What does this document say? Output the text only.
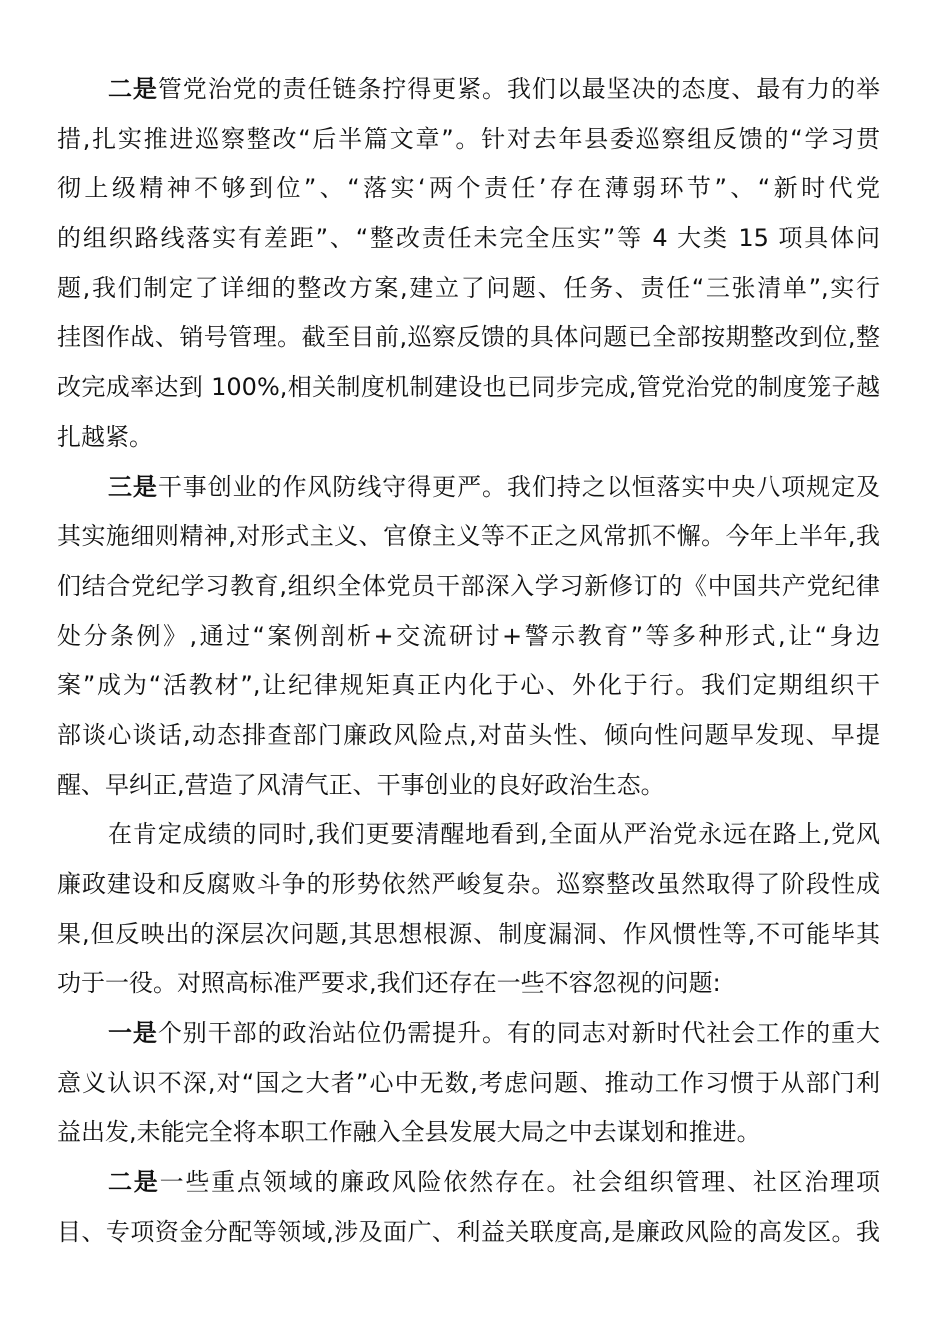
二是管党治党的责任链条拧得更紧。我们以最坚决的态度、最有力的举
措,扎实推进巡察整改“后半篇文章”。针对去年县委巡察组反馈的“学习贯
彻上级精神不够到位”、“落实‘两个责任’存在薄弱环节”、“新时代党
的组织路线落实有差距”、“整改责任未完全压实”等 4 大类 15 项具体问
题,我们制定了详细的整改方案,建立了问题、任务、责任“三张清单”,实行
挂图作战、销号管理。截至目前,巡察反馈的具体问题已全部按期整改到位,整
改完成率达到 100%,相关制度机制建设也已同步完成,管党治党的制度笼子越
扎越紧。
三是干事创业的作风防线守得更严。我们持之以恒落实中央八项规定及
其实施细则精神,对形式主义、官僚主义等不正之风常抓不懈。今年上半年,我
们结合党纪学习教育,组织全体党员干部深入学习新修订的《中国共产党纪律
处分条例》,通过“案例剖析+交流研讨+警示教育”等多种形式,让“身边
案”成为“活教材”,让纪律规矩真正内化于心、外化于行。我们定期组织干
部谈心谈话,动态排查部门廉政风险点,对苗头性、倾向性问题早发现、早提
醒、早纠正,营造了风清气正、干事创业的良好政治生态。
在肯定成绩的同时,我们更要清醒地看到,全面从严治党永远在路上,党风
廉政建设和反腐败斗争的形势依然严峻复杂。巡察整改虽然取得了阶段性成
果,但反映出的深层次问题,其思想根源、制度漏洞、作风惯性等,不可能毕其
功于一役。对照高标准严要求,我们还存在一些不容忽视的问题:
一是个别干部的政治站位仍需提升。有的同志对新时代社会工作的重大
意义认识不深,对“国之大者”心中无数,考虑问题、推动工作习惯于从部门利
益出发,未能完全将本职工作融入全县发展大局之中去谋划和推进。
二是一些重点领域的廉政风险依然存在。社会组织管理、社区治理项
目、专项资金分配等领域,涉及面广、利益关联度高,是廉政风险的高发区。我
